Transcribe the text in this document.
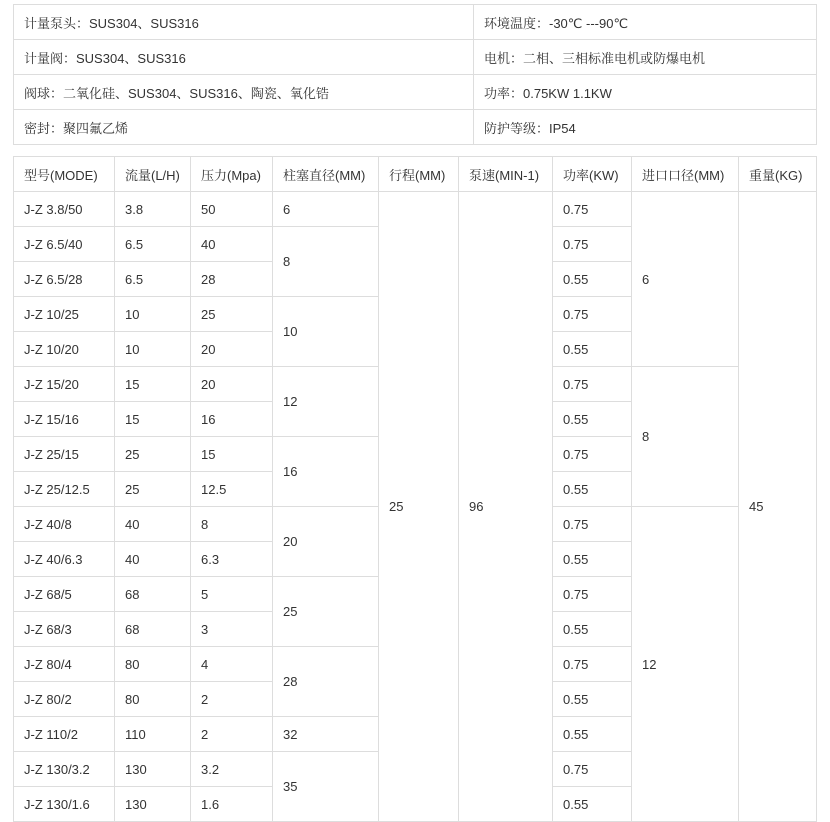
计量泵头：SUS304、SUS316	环境温度：-30℃ ---90℃
计量阀：SUS304、SUS316	电机：二相、三相标准电机或防爆电机
阀球：二氧化硅、SUS304、SUS316、陶瓷、氧化锆	功率：0.75KW 1.1KW
密封：聚四氟乙烯	防护等级：IP54
型号(MODE)	流量(L/H)	压力(Mpa)	柱塞直径(MM)	行程(MM)	泵速(MIN-1)	功率(KW)	进口口径(MM)	重量(KG)
J-Z 3.8/50	3.8	50	6	25	96	0.75	6	45
J-Z 6.5/40	6.5	40	8			0.75		
J-Z 6.5/28	6.5	28				0.55		
J-Z 10/25	10	25	10			0.75		
J-Z 10/20	10	20				0.55		
J-Z 15/20	15	20	12			0.75	8	
J-Z 15/16	15	16				0.55		
J-Z 25/15	25	15	16			0.75		
J-Z 25/12.5	25	12.5				0.55		
J-Z 40/8	40	8	20			0.75	12	
J-Z 40/6.3	40	6.3				0.55		
J-Z 68/5	68	5	25			0.75		
J-Z 68/3	68	3				0.55		
J-Z 80/4	80	4	28			0.75		
J-Z 80/2	80	2				0.55		
J-Z 110/2	110	2	32			0.55		
J-Z 130/3.2	130	3.2	35			0.75		
J-Z 130/1.6	130	1.6				0.55		
